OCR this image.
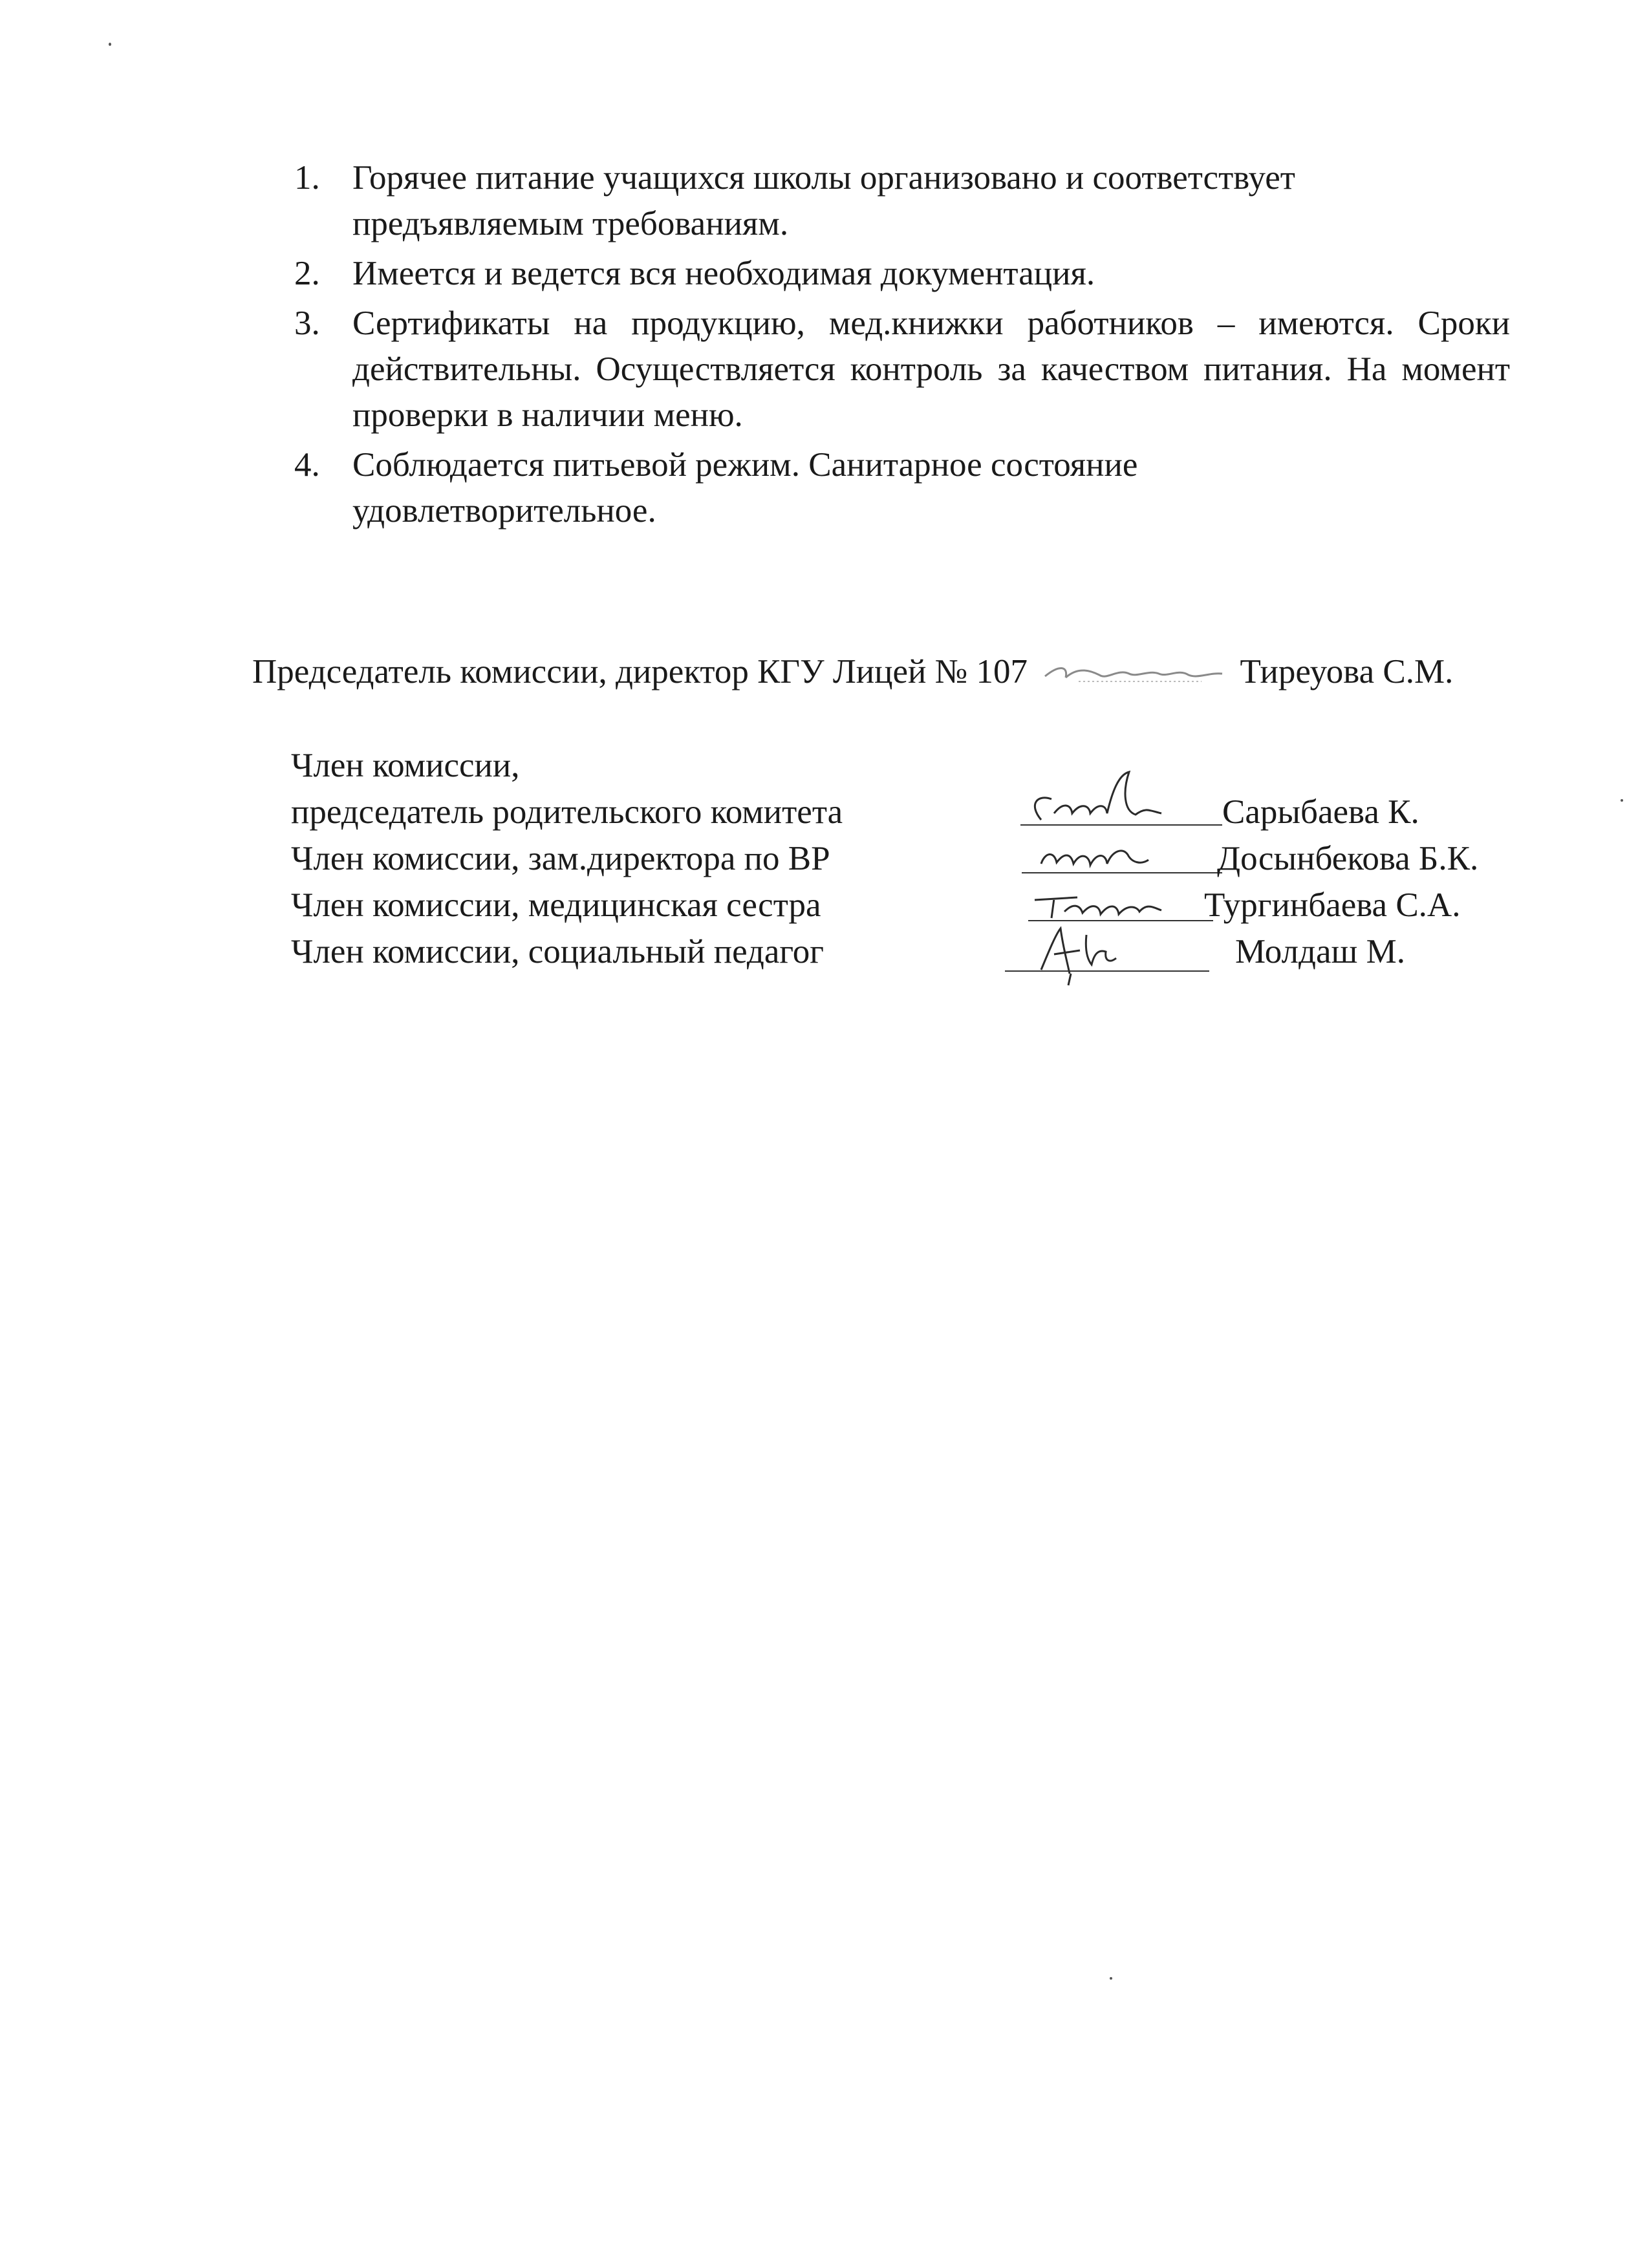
1. Горячее питание учащихся школы организовано и соответствует предъявляемым требованиям.
2. Имеется и ведется вся необходимая документация.
3. Сертификаты на продукцию, мед.книжки работников – имеются. Сроки действительны. Осуществляется контроль за качеством питания. На момент проверки в наличии меню.
4. Соблюдается питьевой режим. Санитарное состояние удовлетворительное.
Председатель комиссии, директор КГУ Лицей № 107	Тиреуова С.М.
Член комиссии,
председатель родительского комитета	Сарыбаева К.
Член комиссии, зам.директора по ВР	Досынбекова Б.К.
Член комиссии, медицинская сестра	Тургинбаева С.А.
Член комиссии, социальный педагог	Молдаш М.
